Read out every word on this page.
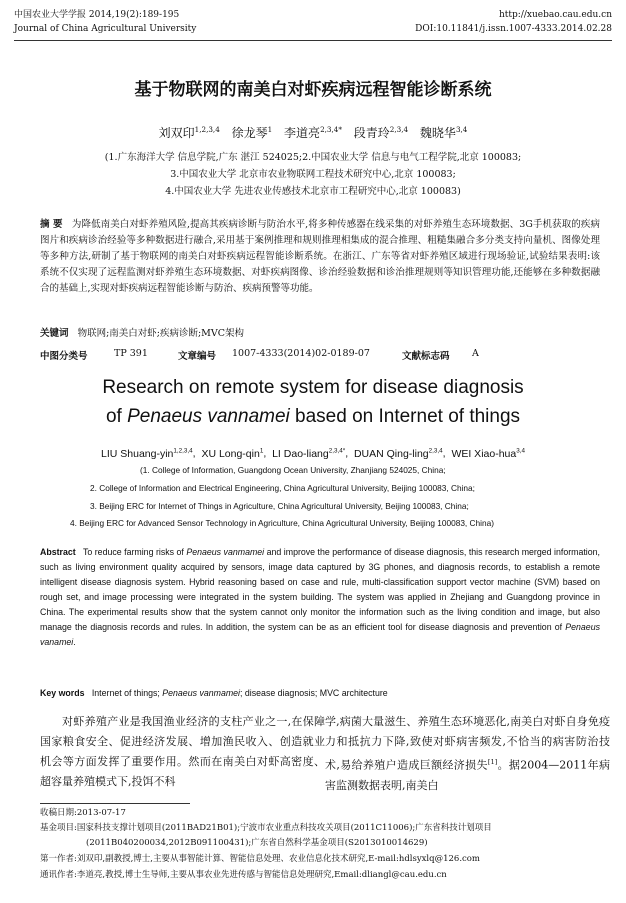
中国农业大学学报 2014,19(2):189-195	http://xuebao.cau.edu.cn
Journal of China Agricultural University	DOI:10.11841/j.issn.1007-4333.2014.02.28
基于物联网的南美白对虾疾病远程智能诊断系统
刘双印$^{1,2,3,4}$ 徐龙琴$^1$ 李道亮$^{2,3,4*}$ 段青玲$^{2,3,4}$ 魏晓华$^{3,4}$
(1.广东海洋大学 信息学院,广东 湛江 524025;2.中国农业大学 信息与电气工程学院,北京 100083;
3.中国农业大学 北京市农业物联网工程技术研究中心,北京 100083;
4.中国农业大学 先进农业传感技术北京市工程研究中心,北京 100083)
摘 要 为降低南美白对虾养殖风险,提高其疾病诊断与防治水平,将多种传感器在线采集的对虾养殖生态环境数据、3G手机获取的疾病图片和疾病诊治经验等多种数据进行融合,采用基于案例推理和规则推理相集成的混合推理、粗糙集融合多分类支持向量机、图像处理等多种方法,研制了基于物联网的南美白对虾疾病远程智能诊断系统。在浙江、广东等省对虾养殖区域进行现场验证,试验结果表明:该系统不仅实现了远程监测对虾养殖生态环境数据、对虾疾病图像、诊治经验数据和诊治推理规则等知识管理功能,还能够在多种数据融合的基础上,实现对虾疾病远程智能诊断与防治、疾病预警等功能。
关键词 物联网;南美白对虾;疾病诊断;MVC架构
中图分类号	TP 391	文章编号 1007-4333(2014)02-0189-07	文献标志码 A
Research on remote system for disease diagnosis
of Penaeus vannamei based on Internet of things
LIU Shuang-yin$^{1,2,3,4}$,  XU Long-qin$^1$,  LI Dao-liang$^{2,3,4*}$,  DUAN Qing-ling$^{2,3,4}$,  WEI Xiao-hua$^{3,4}$
(1. College of Information, Guangdong Ocean University, Zhanjiang 524025, China;
2. College of Information and Electrical Engineering, China Agricultural University, Beijing 100083, China;
3. Beijing ERC for Internet of Things in Agriculture, China Agricultural University, Beijing 100083, China;
4. Beijing ERC for Advanced Sensor Technology in Agriculture, China Agricultural University, Beijing 100083, China)
Abstract To reduce farming risks of Penaeus vanmamei and improve the performance of disease diagnosis, this research merged information, such as living environment quality acquired by sensors, image data captured by 3G phones, and diagnosis records, to establish a remote intelligent disease diagnosis system. Hybrid reasoning based on case and rule, multi-classification support vector machine (SVM) based on rough set, and image processing were integrated in the system building. The system was applied in Zhejiang and Guangdong province in China. The experimental results show that the system cannot only monitor the information such as the living condition and image, but also manage the diagnosis records and rules. In addition, the system can be as an efficient tool for disease diagnosis and prevention of Penaeus vanamei.
Key words Internet of things; Penaeus vanmamei; disease diagnosis; MVC architecture
对虾养殖产业是我国渔业经济的支柱产业之一,在保障国家粮食安全、促进经济发展、增加渔民收入、创造就业机会等方面发挥了重要作用。然而在南美白对虾高密度、超容量养殖模式下,投饵不科
学,病菌大量滋生、养殖生态环境恶化,南美白对虾自身免疫力和抵抗力下降,致使对虾病害频发,不恰当的病害防治技术,易给养殖户造成巨额经济损失[1]。据2004—2011年病害监测数据表明,南美白
收稿日期:2013-07-17
基金项目:国家科技支撑计划项目(2011BAD21B01);宁波市农业重点科技攻关项目(2011C11006);广东省科技计划项目
(2011B040200034,2012B091100431);广东省自然科学基金项目(S2013010014629)
第一作者:刘双印,副教授,博士,主要从事智能计算、智能信息处理、农业信息化技术研究,E-mail:hdlsyxlq@126.com
通讯作者:李道亮,教授,博士生导师,主要从事农业先进传感与智能信息处理研究,Email:dliangl@cau.edu.cn
